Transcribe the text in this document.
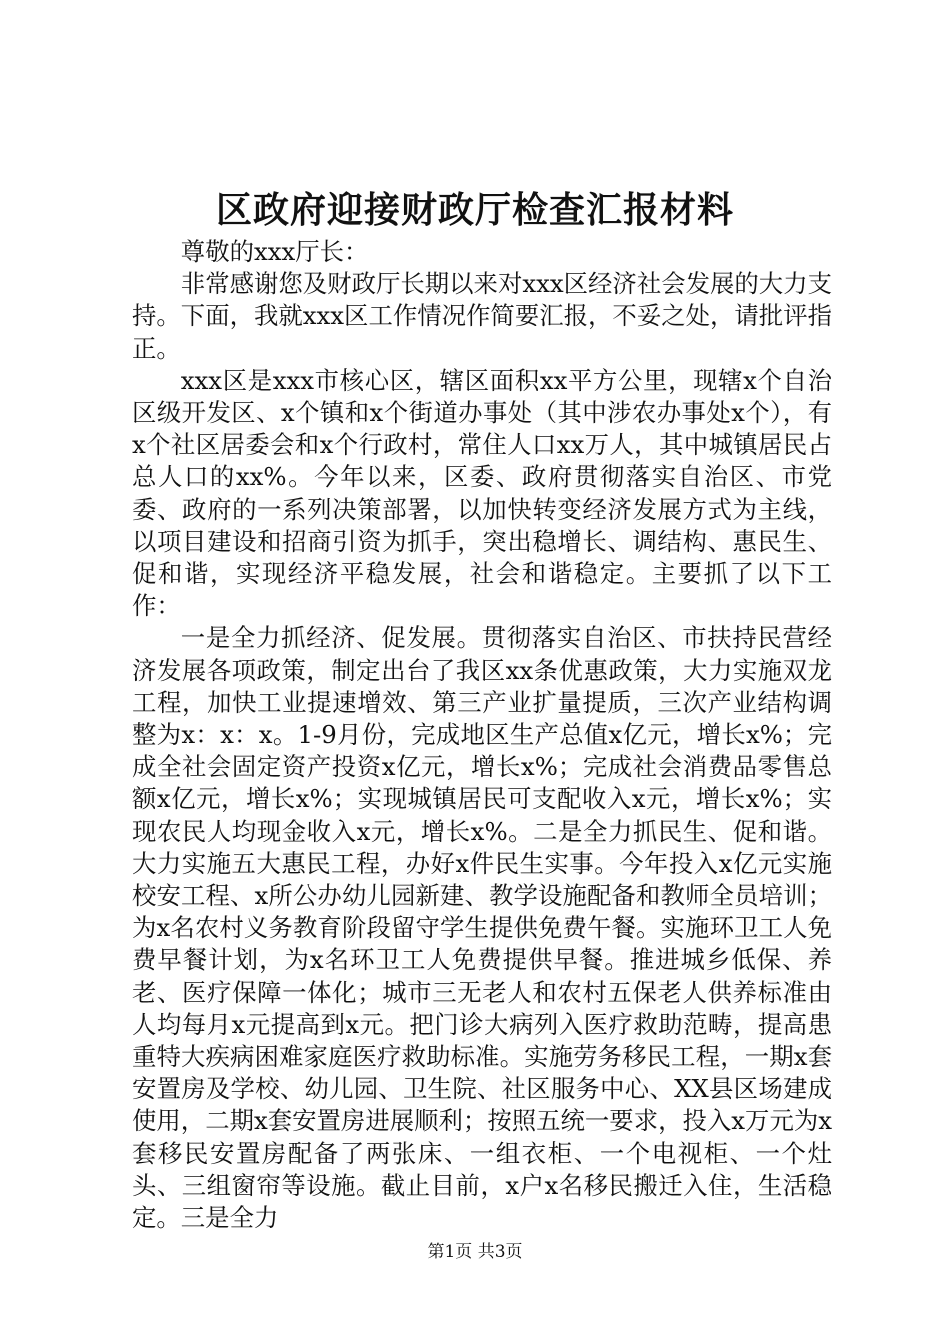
区政府迎接财政厅检查汇报材料

尊敬的xxx厅长：

非常感谢您及财政厅长期以来对xxx区经济社会发展的大力支持。下面，我就xxx区工作情况作简要汇报，不妥之处，请批评指正。

xxx区是xxx市核心区，辖区面积xx平方公里，现辖x个自治区级开发区、x个镇和x个街道办事处（其中涉农办事处x个），有x个社区居委会和x个行政村，常住人口xx万人，其中城镇居民占总人口的xx%。今年以来，区委、政府贯彻落实自治区、市党委、政府的一系列决策部署，以加快转变经济发展方式为主线，以项目建设和招商引资为抓手，突出稳增长、调结构、惠民生、促和谐，实现经济平稳发展，社会和谐稳定。主要抓了以下工作：

一是全力抓经济、促发展。贯彻落实自治区、市扶持民营经济发展各项政策，制定出台了我区xx条优惠政策，大力实施双龙工程，加快工业提速增效、第三产业扩量提质，三次产业结构调整为x：x：x。1-9月份，完成地区生产总值x亿元，增长x%；完成全社会固定资产投资x亿元，增长x%；完成社会消费品零售总额x亿元，增长x%；实现城镇居民可支配收入x元，增长x%；实现农民人均现金收入x元，增长x%。二是全力抓民生、促和谐。大力实施五大惠民工程，办好x件民生实事。今年投入x亿元实施校安工程、x所公办幼儿园新建、教学设施配备和教师全员培训；为x名农村义务教育阶段留守学生提供免费午餐。实施环卫工人免费早餐计划，为x名环卫工人免费提供早餐。推进城乡低保、养老、医疗保障一体化；城市三无老人和农村五保老人供养标准由人均每月x元提高到x元。把门诊大病列入医疗救助范畴，提高患重特大疾病困难家庭医疗救助标准。实施劳务移民工程，一期x套安置房及学校、幼儿园、卫生院、社区服务中心、XX县区场建成使用，二期x套安置房进展顺利；按照五统一要求，投入x万元为x套移民安置房配备了两张床、一组衣柜、一个电视柜、一个灶头、三组窗帘等设施。截止目前，x户x名移民搬迁入住，生活稳定。三是全力

第1页 共3页
